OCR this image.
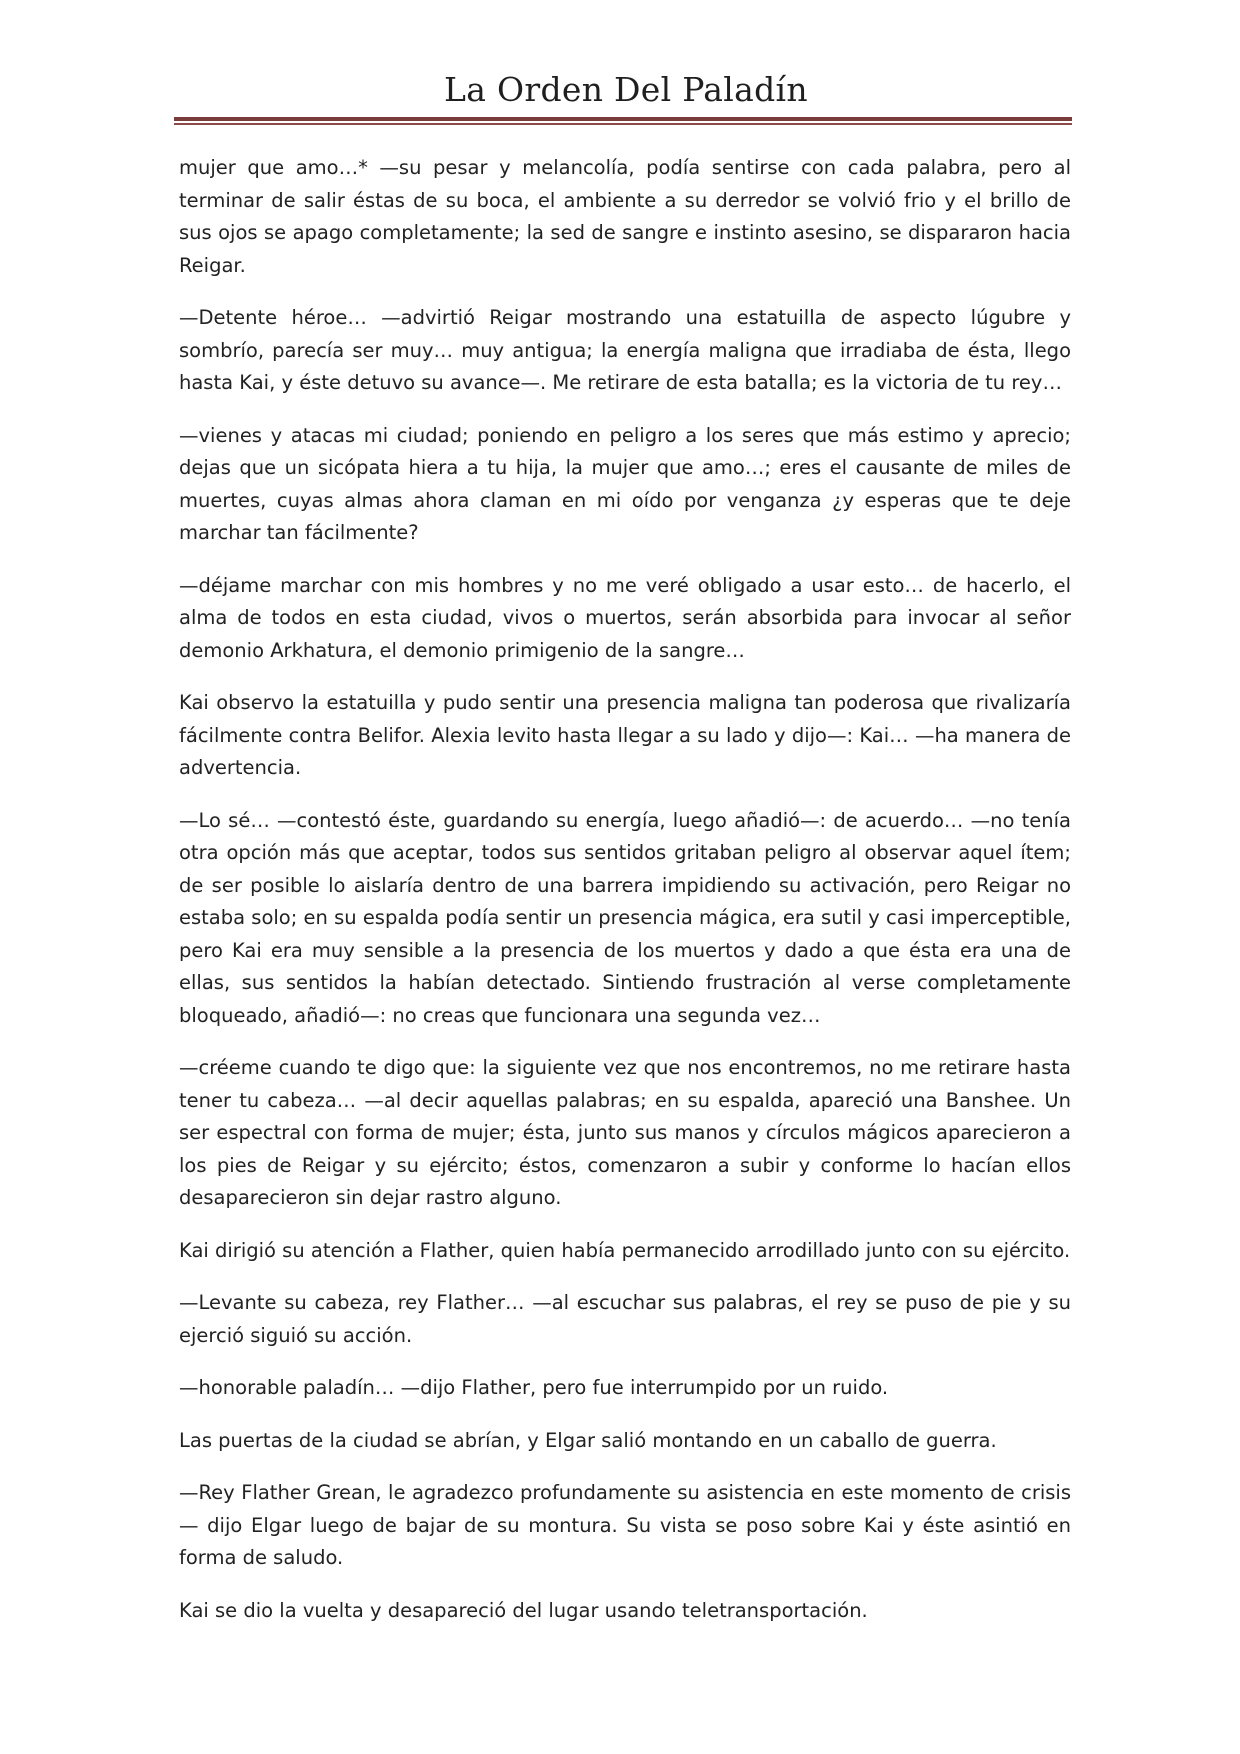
La Orden Del Paladín

mujer que amo…* —su pesar y melancolía, podía sentirse con cada palabra, pero al terminar de salir éstas de su boca, el ambiente a su derredor se volvió frio y el brillo de sus ojos se apago completamente; la sed de sangre e instinto asesino, se dispararon hacia Reigar.

—Detente héroe… —advirtió Reigar mostrando una estatuilla de aspecto lúgubre y sombrío, parecía ser muy… muy antigua; la energía maligna que irradiaba de ésta, llego hasta Kai, y éste detuvo su avance—. Me retirare de esta batalla; es la victoria de tu rey…

—vienes y atacas mi ciudad; poniendo en peligro a los seres que más estimo y aprecio; dejas que un sicópata hiera a tu hija, la mujer que amo…; eres el causante de miles de muertes, cuyas almas ahora claman en mi oído por venganza ¿y esperas que te deje marchar tan fácilmente?

—déjame marchar con mis hombres y no me veré obligado a usar esto… de hacerlo, el alma de todos en esta ciudad, vivos o muertos, serán absorbida para invocar al señor demonio Arkhatura, el demonio primigenio de la sangre…

Kai observo la estatuilla y pudo sentir una presencia maligna tan poderosa que rivalizaría fácilmente contra Belifor. Alexia levito hasta llegar a su lado y dijo—: Kai… —ha manera de advertencia.

—Lo sé… —contestó éste, guardando su energía, luego añadió—: de acuerdo… —no tenía otra opción más que aceptar, todos sus sentidos gritaban peligro al observar aquel ítem; de ser posible lo aislaría dentro de una barrera impidiendo su activación, pero Reigar no estaba solo; en su espalda podía sentir un presencia mágica, era sutil y casi imperceptible, pero Kai era muy sensible a la presencia de los muertos y dado a que ésta era una de ellas, sus sentidos la habían detectado. Sintiendo frustración al verse completamente bloqueado, añadió—: no creas que funcionara una segunda vez…

—créeme cuando te digo que: la siguiente vez que nos encontremos, no me retirare hasta tener tu cabeza… —al decir aquellas palabras; en su espalda, apareció una Banshee. Un ser espectral con forma de mujer; ésta, junto sus manos y círculos mágicos aparecieron a los pies de Reigar y su ejército; éstos, comenzaron a subir y conforme lo hacían ellos desaparecieron sin dejar rastro alguno.

Kai dirigió su atención a Flather, quien había permanecido arrodillado junto con su ejército.

—Levante su cabeza, rey Flather… —al escuchar sus palabras, el rey se puso de pie y su ejerció siguió su acción.

—honorable paladín… —dijo Flather, pero fue interrumpido por un ruido.

Las puertas de la ciudad se abrían, y Elgar salió montando en un caballo de guerra.

—Rey Flather Grean, le agradezco profundamente su asistencia en este momento de crisis — dijo Elgar luego de bajar de su montura. Su vista se poso sobre Kai y éste asintió en forma de saludo.

Kai se dio la vuelta y desapareció del lugar usando teletransportación.
